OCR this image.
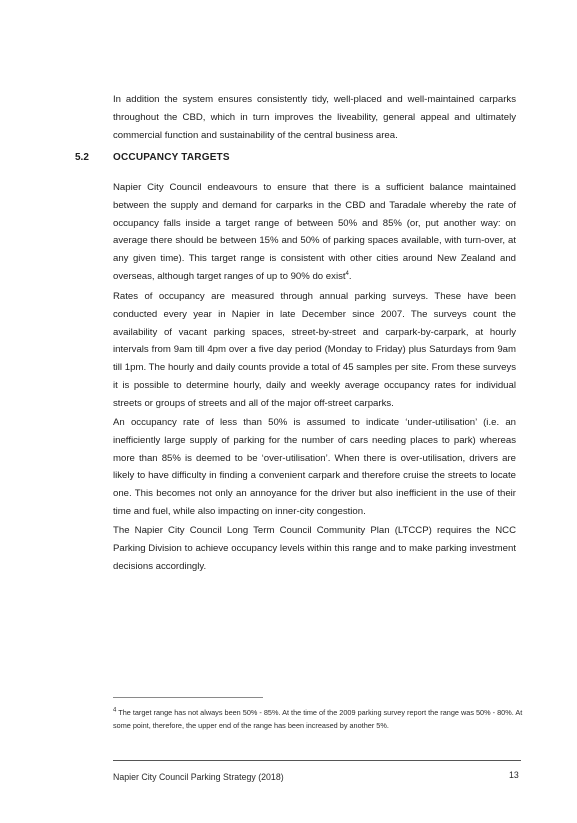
In addition the system ensures consistently tidy, well-placed and well-maintained carparks throughout the CBD, which in turn improves the liveability, general appeal and ultimately commercial function and sustainability of the central business area.

5.2 OCCUPANCY TARGETS

Napier City Council endeavours to ensure that there is a sufficient balance maintained between the supply and demand for carparks in the CBD and Taradale whereby the rate of occupancy falls inside a target range of between 50% and 85% (or, put another way: on average there should be between 15% and 50% of parking spaces available, with turn-over, at any given time). This target range is consistent with other cities around New Zealand and overseas, although target ranges of up to 90% do exist$^4$.

Rates of occupancy are measured through annual parking surveys. These have been conducted every year in Napier in late December since 2007. The surveys count the availability of vacant parking spaces, street-by-street and carpark-by-carpark, at hourly intervals from 9am till 4pm over a five day period (Monday to Friday) plus Saturdays from 9am till 1pm. The hourly and daily counts provide a total of 45 samples per site. From these surveys it is possible to determine hourly, daily and weekly average occupancy rates for individual streets or groups of streets and all of the major off-street carparks.

An occupancy rate of less than 50% is assumed to indicate ‘under-utilisation’ (i.e. an inefficiently large supply of parking for the number of cars needing places to park) whereas more than 85% is deemed to be ‘over-utilisation’. When there is over-utilisation, drivers are likely to have difficulty in finding a convenient carpark and therefore cruise the streets to locate one. This becomes not only an annoyance for the driver but also inefficient in the use of their time and fuel, while also impacting on inner-city congestion.

The Napier City Council Long Term Council Community Plan (LTCCP) requires the NCC Parking Division to achieve occupancy levels within this range and to make parking investment decisions accordingly.

$^4$ The target range has not always been 50% - 85%. At the time of the 2009 parking survey report the range was 50% - 80%. At some point, therefore, the upper end of the range has been increased by another 5%.

Napier City Council Parking Strategy (2018)	13
